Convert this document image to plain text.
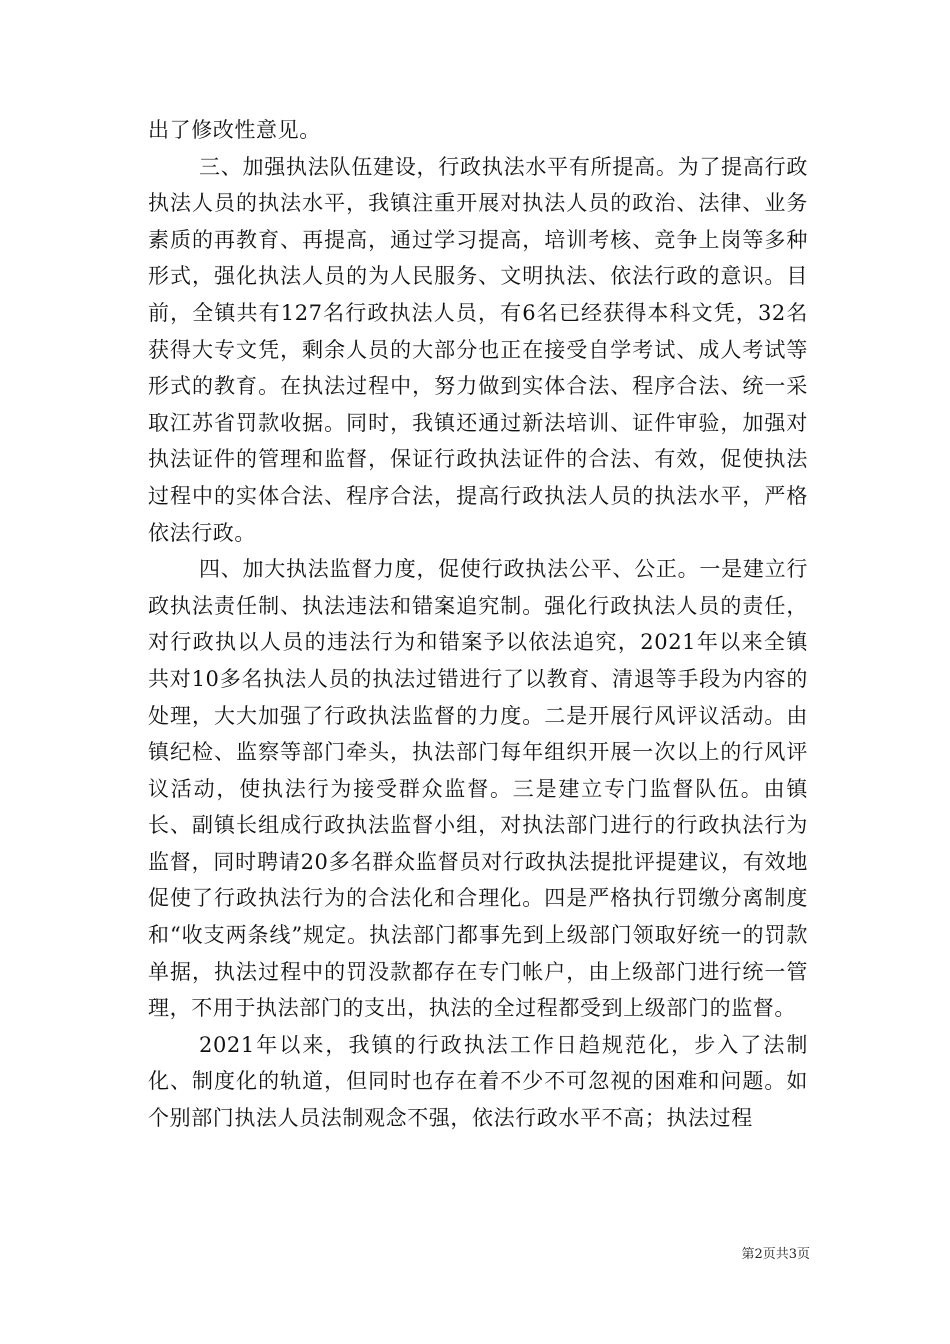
出了修改性意见。

三、加强执法队伍建设，行政执法水平有所提高。为了提高行政执法人员的执法水平，我镇注重开展对执法人员的政治、法律、业务素质的再教育、再提高，通过学习提高，培训考核、竞争上岗等多种形式，强化执法人员的为人民服务、文明执法、依法行政的意识。目前，全镇共有127名行政执法人员，有6名已经获得本科文凭，32名获得大专文凭，剩余人员的大部分也正在接受自学考试、成人考试等形式的教育。在执法过程中，努力做到实体合法、程序合法、统一采取江苏省罚款收据。同时，我镇还通过新法培训、证件审验，加强对执法证件的管理和监督，保证行政执法证件的合法、有效，促使执法过程中的实体合法、程序合法，提高行政执法人员的执法水平，严格依法行政。

四、加大执法监督力度，促使行政执法公平、公正。一是建立行政执法责任制、执法违法和错案追究制。强化行政执法人员的责任，对行政执以人员的违法行为和错案予以依法追究，2021年以来全镇共对10多名执法人员的执法过错进行了以教育、清退等手段为内容的处理，大大加强了行政执法监督的力度。二是开展行风评议活动。由镇纪检、监察等部门牵头，执法部门每年组织开展一次以上的行风评议活动，使执法行为接受群众监督。三是建立专门监督队伍。由镇长、副镇长组成行政执法监督小组，对执法部门进行的行政执法行为监督，同时聘请20多名群众监督员对行政执法提批评提建议，有效地促使了行政执法行为的合法化和合理化。四是严格执行罚缴分离制度和“收支两条线”规定。执法部门都事先到上级部门领取好统一的罚款单据，执法过程中的罚没款都存在专门帐户，由上级部门进行统一管理，不用于执法部门的支出，执法的全过程都受到上级部门的监督。

2021年以来，我镇的行政执法工作日趋规范化，步入了法制化、制度化的轨道，但同时也存在着不少不可忽视的困难和问题。如个别部门执法人员法制观念不强，依法行政水平不高；执法过程

第2页共3页
